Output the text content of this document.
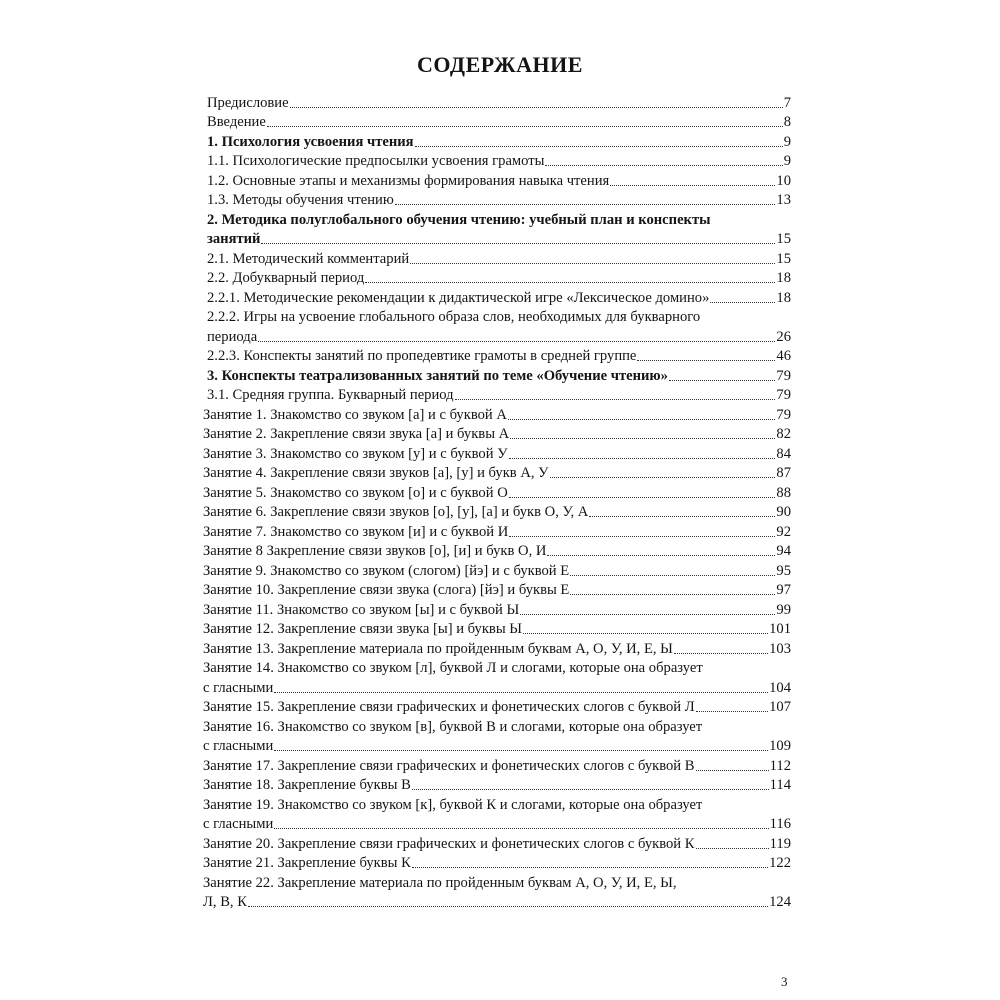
СОДЕРЖАНИЕ
Предисловие	7
Введение	8
1. Психология усвоения чтения	9
1.1. Психологические предпосылки усвоения грамоты	9
1.2. Основные этапы и механизмы формирования навыка чтения	10
1.3. Методы обучения чтению	13
2. Методика полуглобального обучения чтению: учебный план и конспекты
занятий	15
2.1. Методический комментарий	15
2.2. Добукварный период	18
2.2.1. Методические рекомендации к дидактической игре «Лексическое домино»	18
2.2.2. Игры на усвоение глобального образа слов, необходимых для букварного
периода	26
2.2.3. Конспекты занятий по пропедевтике грамоты в средней группе	46
3. Конспекты театрализованных занятий по теме «Обучение чтению»	79
3.1. Средняя группа. Букварный период	79
Занятие 1. Знакомство со звуком [а] и с буквой А	79
Занятие 2. Закрепление связи звука [а] и буквы А	82
Занятие 3. Знакомство со звуком [у] и с буквой У	84
Занятие 4. Закрепление связи звуков [а], [у] и букв А, У	87
Занятие 5. Знакомство со звуком [о] и с буквой О	88
Занятие 6. Закрепление связи звуков [о], [у], [а] и букв О, У, А	90
Занятие 7. Знакомство со звуком [и] и с буквой И	92
Занятие 8 Закрепление связи звуков [о], [и] и букв О, И	94
Занятие 9. Знакомство со звуком (слогом) [йэ] и с буквой Е	95
Занятие 10. Закрепление связи звука (слога) [йэ] и буквы Е	97
Занятие 11. Знакомство со звуком [ы] и с буквой Ы	99
Занятие 12. Закрепление связи звука [ы] и буквы Ы	101
Занятие 13. Закрепление материала по пройденным буквам А, О, У, И, Е, Ы	103
Занятие 14. Знакомство со звуком [л], буквой Л и слогами, которые она образует
с гласными	104
Занятие 15. Закрепление связи графических и фонетических слогов с буквой Л	107
Занятие 16. Знакомство со звуком [в], буквой В и слогами, которые она образует
с гласными	109
Занятие 17. Закрепление связи графических и фонетических слогов с буквой В	112
Занятие 18. Закрепление буквы В	114
Занятие 19. Знакомство со звуком [к], буквой К и слогами, которые она образует
с гласными	116
Занятие 20. Закрепление связи графических и фонетических слогов с буквой К	119
Занятие 21. Закрепление буквы К	122
Занятие 22. Закрепление материала по пройденным буквам А, О, У, И, Е, Ы,
Л, В, К	124
3
